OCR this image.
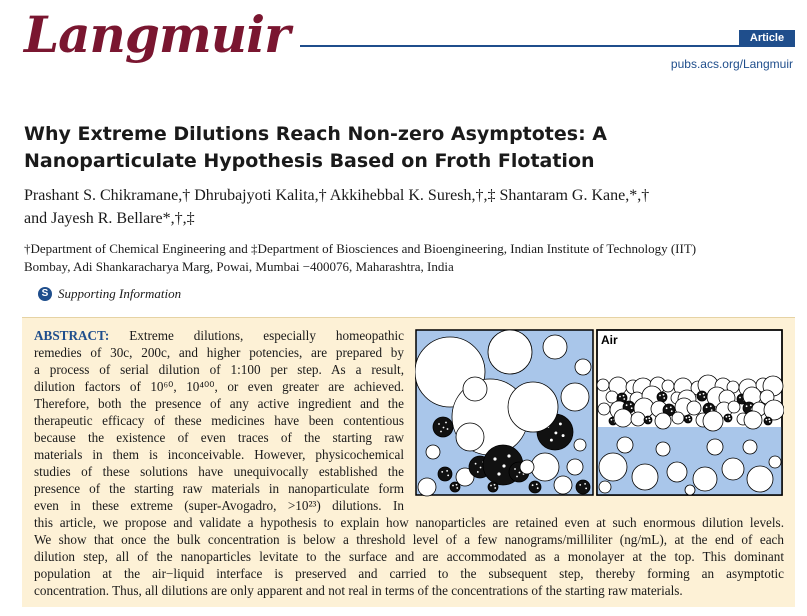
Langmuir	Article
pubs.acs.org/Langmuir
Why Extreme Dilutions Reach Non-zero Asymptotes: A
Nanoparticulate Hypothesis Based on Froth Flotation
Prashant S. Chikramane,† Dhrubajyoti Kalita,† Akkihebbal K. Suresh,†,‡ Shantaram G. Kane,*,†
and Jayesh R. Bellare*,†,‡
†Department of Chemical Engineering and ‡Department of Biosciences and Bioengineering, Indian Institute of Technology (IIT)
Bombay, Adi Shankaracharya Marg, Powai, Mumbai −400076, Maharashtra, India
S Supporting Information
ABSTRACT: Extreme dilutions, especially homeopathic
remedies of 30c, 200c, and higher potencies, are prepared by
a process of serial dilution of 1:100 per step. As a result,
dilution factors of 10⁶⁰, 10⁴⁰⁰, or even greater are achieved.
Therefore, both the presence of any active ingredient and the
therapeutic efficacy of these medicines have been contentious
because the existence of even traces of the starting raw
materials in them is inconceivable. However, physicochemical
studies of these solutions have unequivocally established the
presence of the starting raw materials in nanoparticulate form
even in these extreme (super-Avogadro, >10²³) dilutions. In
this article, we propose and validate a hypothesis to explain how nanoparticles are retained even at such enormous dilution levels.
We show that once the bulk concentration is below a threshold level of a few nanograms/milliliter (ng/mL), at the end of each
dilution step, all of the nanoparticles levitate to the surface and are accommodated as a monolayer at the top. This dominant
population at the air−liquid interface is preserved and carried to the subsequent step, thereby forming an asymptotic
concentration. Thus, all dilutions are only apparent and not real in terms of the concentrations of the starting raw materials.
Air
